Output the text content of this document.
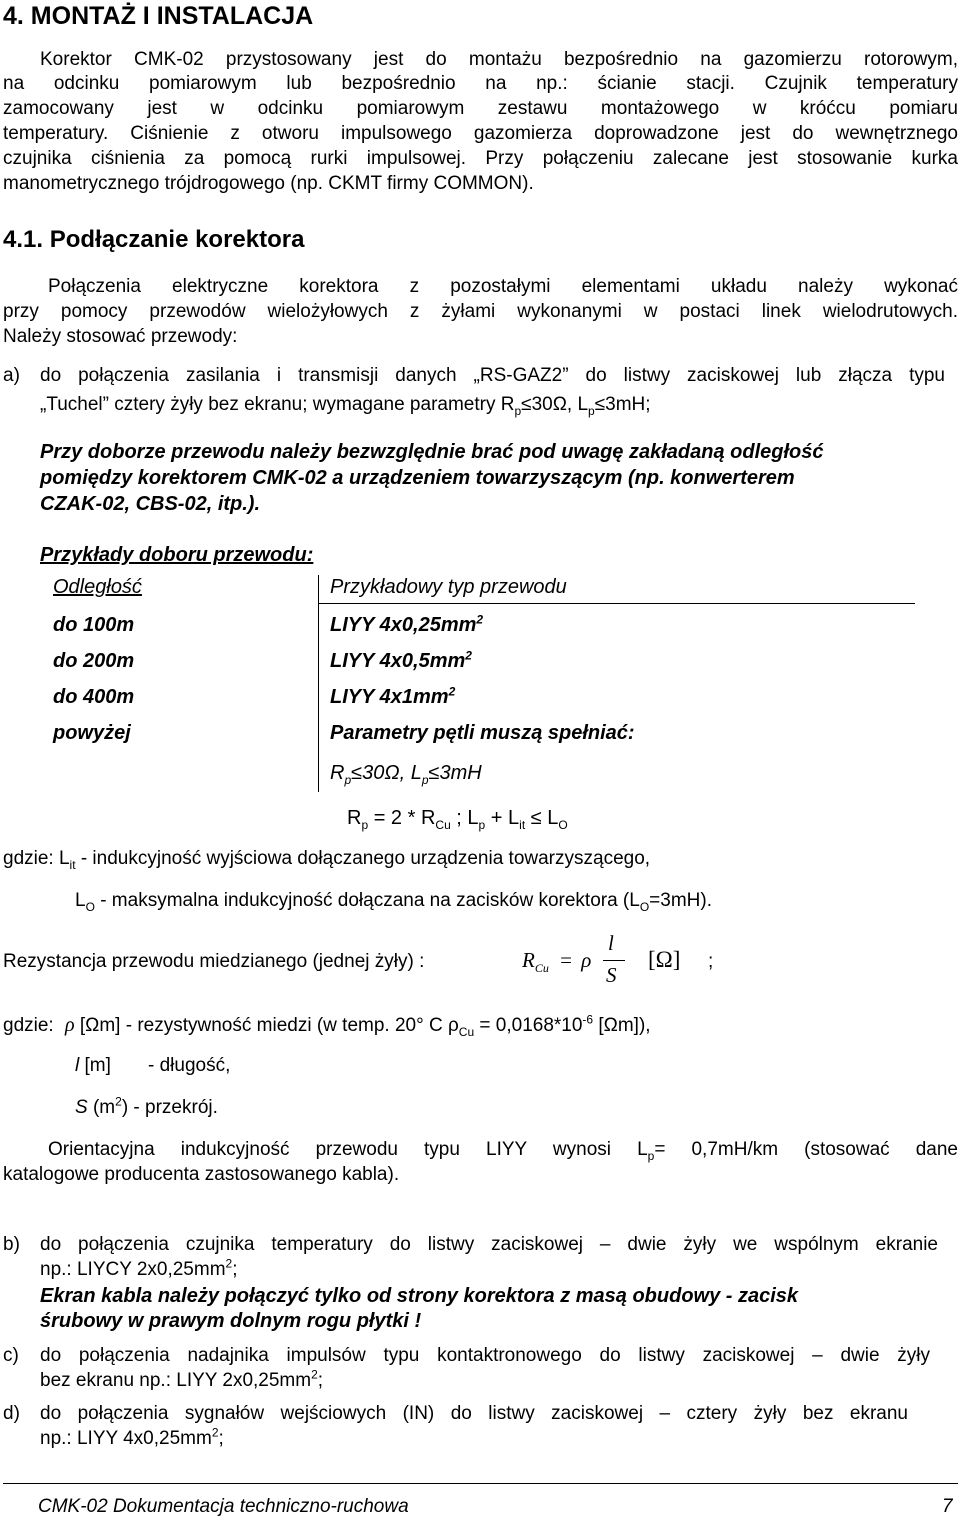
4. MONTAŻ I INSTALACJA
Korektor CMK-02 przystosowany jest do montażu bezpośrednio na gazomierzu rotorowym,
na odcinku pomiarowym lub bezpośrednio na np.: ścianie stacji. Czujnik temperatury
zamocowany jest w odcinku pomiarowym zestawu montażowego w króćcu pomiaru
temperatury. Ciśnienie z otworu impulsowego gazomierza doprowadzone jest do wewnętrznego
czujnika ciśnienia za pomocą rurki impulsowej. Przy połączeniu zalecane jest stosowanie kurka
manometrycznego trójdrogowego (np. CKMT firmy COMMON).
4.1. Podłączanie korektora
Połączenia elektryczne korektora z pozostałymi elementami układu należy wykonać
przy pomocy przewodów wielożyłowych z żyłami wykonanymi w postaci linek wielodrutowych.
Należy stosować przewody:
a) do połączenia zasilania i transmisji danych „RS-GAZ2” do listwy zaciskowej lub złącza typu
„Tuchel” cztery żyły bez ekranu; wymagane parametry $R_p\le 30\Omega$, $L_p\le 3mH$;
Przy doborze przewodu należy bezwzględnie brać pod uwagę zakładaną odległość
pomiędzy korektorem CMK-02 a urządzeniem towarzyszącym (np. konwerterem
CZAK-02, CBS-02, itp.).
Przykłady doboru przewodu:
Odległość	Przykładowy typ przewodu
do 100m	LIYY $4x0,25mm^2$
do 200m	LIYY $4x0,5mm^2$
do 400m	LIYY $4x1mm^2$
powyżej	Parametry pętli muszą spełniać:
$R_p\le 30\Omega$, $L_p\le 3mH$
$R_p = 2 * R_{Cu}$ ; $L_p + L_{it} \le L_O$
gdzie: $L_{it}$ - indukcyjność wyjściowa dołączanego urządzenia towarzyszącego,
$L_O$ - maksymalna indukcyjność dołączana na zacisków korektora $(L_O=3mH)$.
Rezystancja przewodu miedzianego (jednej żyły) :	$R_{Cu} = \rho$
l
S
[Ω] ;
gdzie: ρ [Ωm] - rezystywność miedzi (w temp. 20° C $\rho_{Cu} = 0,0168*10^{-6}$ [Ωm]),
l [m] - długość,
S $(m^2)$ - przekrój.
Orientacyjna indukcyjność przewodu typu LIYY wynosi $L_p= 0,7mH/km$ (stosować dane
katalogowe producenta zastosowanego kabla).
b) do połączenia czujnika temperatury do listwy zaciskowej – dwie żyły we wspólnym ekranie
np.: LIYCY $2x0,25mm^2$;
Ekran kabla należy połączyć tylko od strony korektora z masą obudowy - zacisk
śrubowy w prawym dolnym rogu płytki !
c) do połączenia nadajnika impulsów typu kontaktronowego do listwy zaciskowej – dwie żyły
bez ekranu np.: LIYY $2x0,25mm^2$;
d) do połączenia sygnałów wejściowych (IN) do listwy zaciskowej – cztery żyły bez ekranu
np.: LIYY $4x0,25mm^2$;
CMK-02 Dokumentacja techniczno-ruchowa	7
